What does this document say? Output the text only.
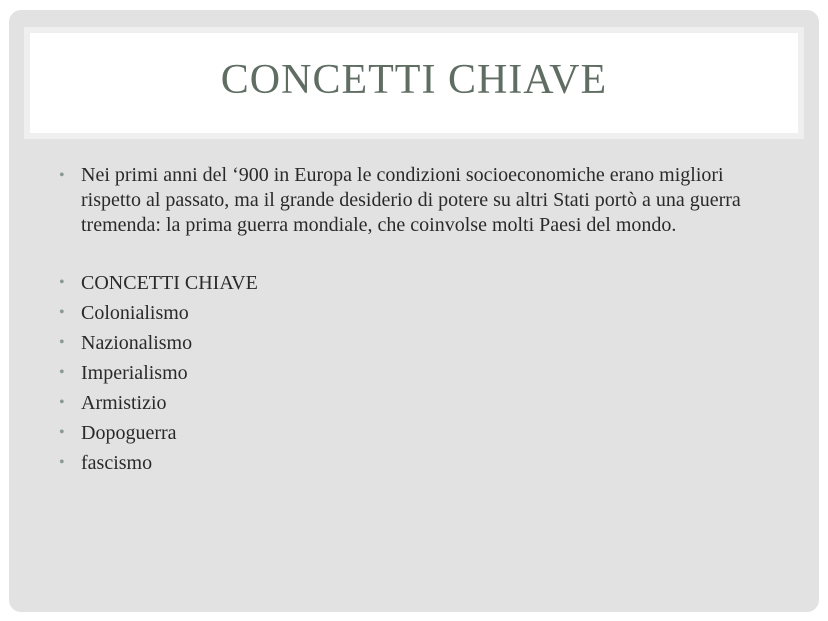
CONCETTI CHIAVE
• Nei primi anni del ‘900 in Europa le condizioni socioeconomiche erano migliori rispetto al passato, ma il grande desiderio di potere su altri Stati portò a una guerra tremenda: la prima guerra mondiale, che coinvolse molti Paesi del mondo.
• CONCETTI CHIAVE
• Colonialismo
• Nazionalismo
• Imperialismo
• Armistizio
• Dopoguerra
• fascismo
